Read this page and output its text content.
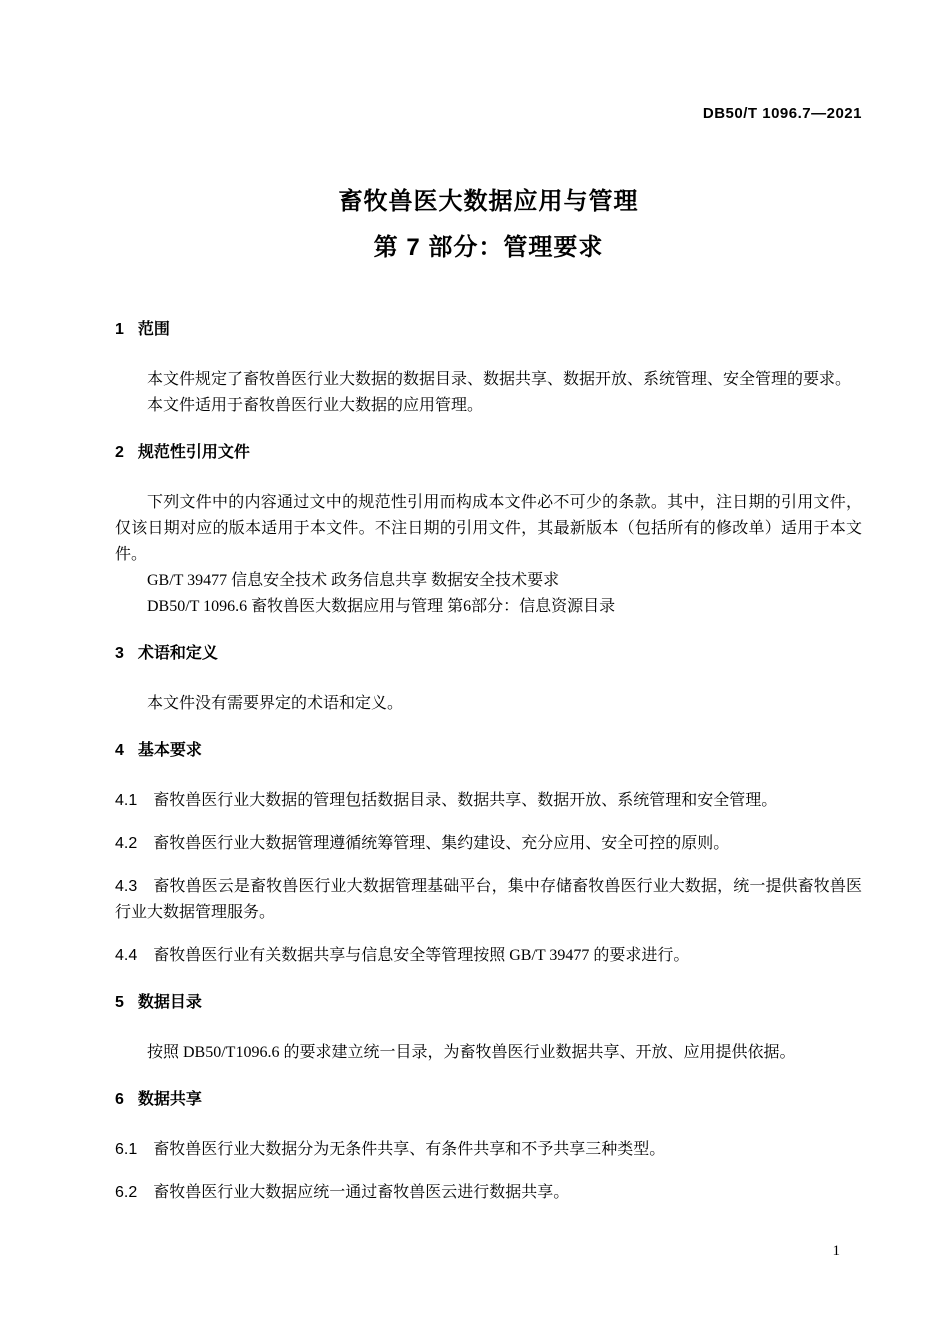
DB50/T 1096.7—2021
畜牧兽医大数据应用与管理
第 7 部分：管理要求
1 范围

本文件规定了畜牧兽医行业大数据的数据目录、数据共享、数据开放、系统管理、安全管理的要求。

本文件适用于畜牧兽医行业大数据的应用管理。

2 规范性引用文件

下列文件中的内容通过文中的规范性引用而构成本文件必不可少的条款。其中，注日期的引用文件，仅该日期对应的版本适用于本文件。不注日期的引用文件，其最新版本（包括所有的修改单）适用于本文件。

GB/T 39477 信息安全技术 政务信息共享 数据安全技术要求

DB50/T 1096.6 畜牧兽医大数据应用与管理 第6部分：信息资源目录

3 术语和定义

本文件没有需要界定的术语和定义。

4 基本要求

4.1 畜牧兽医行业大数据的管理包括数据目录、数据共享、数据开放、系统管理和安全管理。

4.2 畜牧兽医行业大数据管理遵循统筹管理、集约建设、充分应用、安全可控的原则。

4.3 畜牧兽医云是畜牧兽医行业大数据管理基础平台，集中存储畜牧兽医行业大数据，统一提供畜牧兽医行业大数据管理服务。

4.4 畜牧兽医行业有关数据共享与信息安全等管理按照 GB/T 39477 的要求进行。

5 数据目录

按照 DB50/T1096.6 的要求建立统一目录，为畜牧兽医行业数据共享、开放、应用提供依据。

6 数据共享

6.1 畜牧兽医行业大数据分为无条件共享、有条件共享和不予共享三种类型。

6.2 畜牧兽医行业大数据应统一通过畜牧兽医云进行数据共享。

1
